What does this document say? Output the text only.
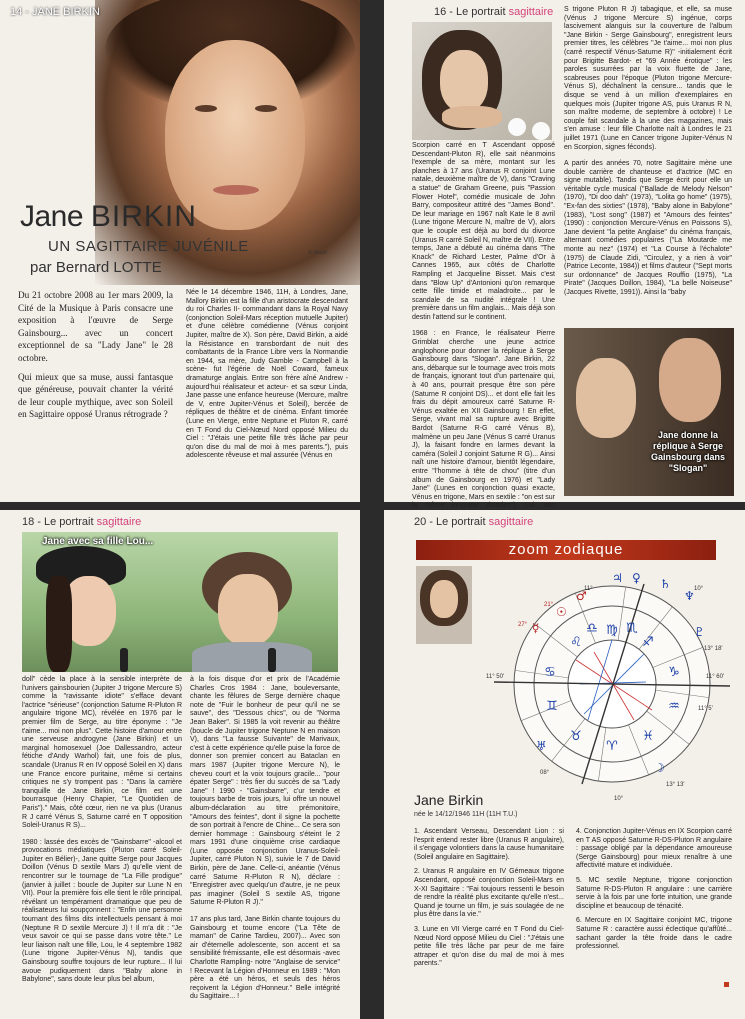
14 - JANE BIRKIN
Jane BIRKIN
UN SAGITTAIRE JUVÉNILE
par Bernard LOTTE
© Visuel

Du 21 octobre 2008 au 1er mars 2009, la Cité de la Musique à Paris consacre une exposition à l'œuvre de Serge Gainsbourg... avec un concert exceptionnel de sa "Lady Jane" le 28 octobre.

Qui mieux que sa muse, aussi fantasque que généreuse, pouvait chanter la vérité de leur couple mythique, avec son Soleil en Sagittaire opposé Uranus rétrograde ?

Née le 14 décembre 1946, 11H, à Londres, Jane, Mallory Birkin est la fille d'un aristocrate descendant du roi Charles II- commandant dans la Royal Navy (conjonction Soleil-Mars réception mutuelle Jupiter) et d'une célèbre comédienne (Vénus conjoint Jupiter, maître de X). Son père, David Birkin, a aidé la Résistance en transbordant de nuit des combattants de la France Libre vers la Normandie en 1944, sa mère, Judy Gamble - Campbell à la scène- fut l'égérie de Noël Coward, fameux dramaturge anglais. Entre son frère aîné Andrew -aujourd'hui réalisateur et acteur- et sa sœur Linda, Jane passe une enfance heureuse (Mercure, maître de V, entre Jupiter-Vénus et Soleil), bercée de répliques de théâtre et de cinéma. Enfant timorée (Lune en Vierge, entre Neptune et Pluton R, carré en T Fond du Ciel-Nœud Nord opposé Milieu du Ciel : "J'étais une petite fille très lâche par peur qu'on dise du mal de moi à mes parents."), puis adolescente rêveuse et mal assurée (Vénus en

16 - Le portrait sagittaire

Scorpion carré en T Ascendant opposé Descendant-Pluton R), elle sait néanmoins l'exemple de sa mère, montant sur les planches à 17 ans (Uranus R conjoint Lune natale, deuxième maître de V), dans "Craving a statue" de Graham Greene, puis "Passion Flower Hotel", comédie musicale de John Barry, compositeur attitré des "James Bond". De leur mariage en 1967 naît Kate le 8 avril (Lune trigone Mercure N, maître de V), alors que le couple est déjà au bord du divorce (Uranus R carré Soleil N, maître de VII). Entre temps, Jane a débuté au cinéma dans "The Knack" de Richard Lester, Palme d'Or à Cannes 1965, aux côtés de Charlotte Rampling et Jacqueline Bisset. Mais c'est dans "Blow Up" d'Antonioni qu'on remarque cette fille timide et maladroite... par le scandale de sa nudité intégrale ! Une première dans un film anglais... Mais déjà son destin l'attend sur le continent.

1968 : en France, le réalisateur Pierre Grimblat cherche une jeune actrice anglophone pour donner la réplique à Serge Gainsbourg dans "Slogan". Jane Birkin, 22 ans, débarque sur le tournage avec trois mots de français, ignorant tout d'un partenaire qui, à 40 ans, pourrait presque être son père (Saturne R conjoint DS)... et dont elle fait les frais du dépit amoureux carré Saturne R-Vénus exaltée en XII Gainsbourg ! En effet, Serge, vivant mal sa rupture avec Brigitte Bardot (Saturne R-G carré Vénus B), malmène un peu Jane (Vénus S carré Uranus J), la faisant fondre en larmes devant la caméra (Soleil J conjoint Saturne R G)... Ainsi naît une histoire d'amour, bientôt légendaire, entre "l'homme à tête de chou" (titre d'un album de Gainsbourg en 1976) et "Lady Jane" (Lunes en conjonction quasi exacte, Vénus en trigone, Mars en sextile : "on est sur la même longueur d'ondes"). Lui, son

S trigone Pluton R J) tabagique, et elle, sa muse (Vénus J trigone Mercure S) ingénue, corps lascivement alanguis sur la couverture de l'album "Jane Birkin - Serge Gainsbourg", enregistrent leurs premier titres, les célèbres "Je t'aime... moi non plus (carré respectif Vénus-Saturne R)" -initialement écrit pour Brigitte Bardot- et "69 Année érotique" : les paroles susurrées par la voix fluette de Jane, scabreuses pour l'époque (Pluton trigone Mercure-Vénus S), déchaînent la censure... tandis que le disque se vend à un million d'exemplaires en quelques mois (Jupiter trigone AS, puis Uranus R N, son maître moderne, de septembre à octobre) ! Le couple fait scandale à la une des magazines, mais s'en amuse : leur fille Charlotte naît à Londres le 21 juillet 1971 (Lune en Cancer trigone Jupiter-Vénus N en Scorpion, signes féconds).

A partir des années 70, notre Sagittaire mène une double carrière de chanteuse et d'actrice (MC en signe mutable). Tandis que Serge écrit pour elle un véritable cycle musical ("Ballade de Melody Nelson" (1970), "Di doo dah" (1973), "Lolita go home" (1975), "Ex-fan des sixties" (1978), "Baby alone in Babylone" (1983), "Lost song" (1987) et "Amours des feintes" (1990) : conjonction Mercure-Vénus en Poissons S), Jane devient "la petite Anglaise" du cinéma français, alternant comédies populaires ("La Moutarde me monte au nez" (1974) et "La Course à l'échalote" (1975) de Claude Zidi, "Circulez, y a rien à voir" (Patrice Leconte, 1984)) et films d'auteur ("Sept morts sur ordonnance" de Jacques Rouffio (1975), "La Pirate" (Jacques Doillon, 1984), "La belle Noiseuse" (Jacques Rivette, 1991)). Ainsi la "baby

Jane donne la réplique à Serge Gainsbourg dans "Slogan"
18 - Le portrait sagittaire
Jane avec sa fille Lou...

doll" cède la place à la sensible interprète de l'univers gainsbourien (Jupiter J trigone Mercure S) comme la "ravissante idiote" s'efface devant l'actrice "sérieuse" (conjonction Saturne R-Pluton R angulaire trigone MC), révélée en 1976 par le premier film de Serge, au titre éponyme : "Je t'aime... moi non plus". Cette histoire d'amour entre une serveuse androgyne (Jane Birkin) et un marginal homosexuel (Joe Dallessandro, acteur fétiche d'Andy Warhol) fait, une fois de plus, scandale (Uranus R en IV opposé Soleil en X) dans une France encore puritaine, même si certains critiques ne s'y trompent pas : "Dans la carrière tranquille de Jane Birkin, ce film est une bourrasque (Henry Chapier, "Le Quotidien de Paris")." Mais, côté cœur, rien ne va plus (Uranus R J carré Vénus S, Saturne carré en T opposition Soleil-Uranus R S)...

1980 : lassée des excès de "Gainsbarre" -alcool et provocations médiatiques (Pluton carré Soleil-Jupiter en Bélier)-, Jane quitte Serge pour Jacques Doillon (Vénus D sextile Mars J) qu'elle vient de rencontrer sur le tournage de "La Fille prodigue" (janvier à juillet : boucle de Jupiter sur Lune N en VII). Pour la première fois elle tient le rôle principal, révélant un tempérament dramatique que peu de réalisateurs lui soupçonnent : "Enfin une personne tournant des films dits intellectuels pensant à moi (Neptune R D sextile Mercure J) ! Il m'a dit : "Je veux savoir ce qui se passe dans votre tête." Le leur liaison naît une fille, Lou, le 4 septembre 1982 (Lune trigone Jupiter-Vénus N), tandis que Gainsbourg souffre toujours de leur rupture... Il lui avoue pudiquement dans "Baby alone in Babylone", sans doute leur plus bel album,

à la fois disque d'or et prix de l'Académie Charles Cros 1984 : Jane, bouleversante, chante les fêlures de Serge dernière chaque note de "Fuir le bonheur de peur qu'il ne se sauve", des "Dessous chics", ou de "Norma Jean Baker". Si 1985 la voit revenir au théâtre (boucle de Jupiter trigone Neptune N en maison V), dans "La fausse Suivante" de Marivaux, c'est à cette expérience qu'elle puise la force de donner son premier concert au Bataclan en mars 1987 (Jupiter trigone Mercure N), le cheveu court et la voix toujours gracile... "pour épater Serge" : très fier du succès de sa "Lady Jane" ! 1990 - "Gainsbarre", c'ur tendre et toujours barbe de trois jours, lui offre un nouvel album-déclaration au titre prémonitoire, "Amours des feintes", dont il signe la pochette de son portrait à l'encre de Chine... Ce sera son dernier hommage : Gainsbourg s'éteint le 2 mars 1991 d'une cinquième crise cardiaque (Lune opposée conjonction Uranus-Soleil-Jupiter, carré Pluton N S), suivie le 7 de David Birkin, père de Jane. Celle-ci, anéantie (Vénus carré Saturne R-Pluton R N), déclare : "Enregistrer avec quelqu'un d'autre, je ne peux pas imaginer (Soleil S sextile AS, trigone Saturne R-Pluton R J)."

17 ans plus tard, Jane Birkin chante toujours du Gainsbourg et tourne encore ("La Tête de maman" de Carine Tardieu, 2007)... Avec son air d'éternelle adolescente, son accent et sa sensibilité frémissante, elle est désormais -avec Charlotte Rampling- notre "Anglaise de service" ! Recevant la Légion d'Honneur en 1989 : "Mon père a été un héros, et seuls des héros reçoivent la Légion d'Honneur." Belle intégrité du Sagittaire... !

20 - Le portrait sagittaire
zoom zodiaque
♍
♌
♋
♊
♉
♈
♓
♒
♑
♐
♏
♎
♂
☉
☿
♃ ♀ ♄
♆
♇
♅
☽
11°
21°
27°
10°
13° 18'
11° 50'	11° 60'
11° 5'
08°
13° 13'
10°
Jane Birkin
née le 14/12/1946 11H (11H T.U.)

1. Ascendant Verseau, Descendant Lion : si l'esprit entend rester libre (Uranus R angulaire), il s'engage volontiers dans la cause humanitaire (Soleil angulaire en Sagittaire).

2. Uranus R angulaire en IV Gémeaux trigone Ascendant, opposé conjonction Soleil-Mars en X-XI Sagittaire : "Fai toujours ressenti le besoin de rendre la réalité plus excitante qu'elle n'est... Quand je tourne un film, je suis soulagée de ne plus être dans la vie."

3. Lune en VII Vierge carré en T Fond du Ciel-Nœud Nord opposé Milieu du Ciel : "J'étais une petite fille très lâche par peur de me faire attraper et qu'on dise du mal de moi à mes parents."

4. Conjonction Jupiter-Vénus en IX Scorpion carré en T AS opposé Saturne R-DS-Pluton R angulaire : passage obligé par la dépendance amoureuse (Serge Gainsbourg) pour mieux renaître à une affectivité mature et individuée.

5. MC sextile Neptune, trigone conjonction Saturne R-DS-Pluton R angulaire : une carrière servie à la fois par une forte intuition, une grande discipline et beaucoup de ténacité.

6. Mercure en IX Sagittaire conjoint MC, trigone Saturne R : caractère aussi éclectique qu'affûté... sachant garder la tête froide dans le cadre professionnel.
